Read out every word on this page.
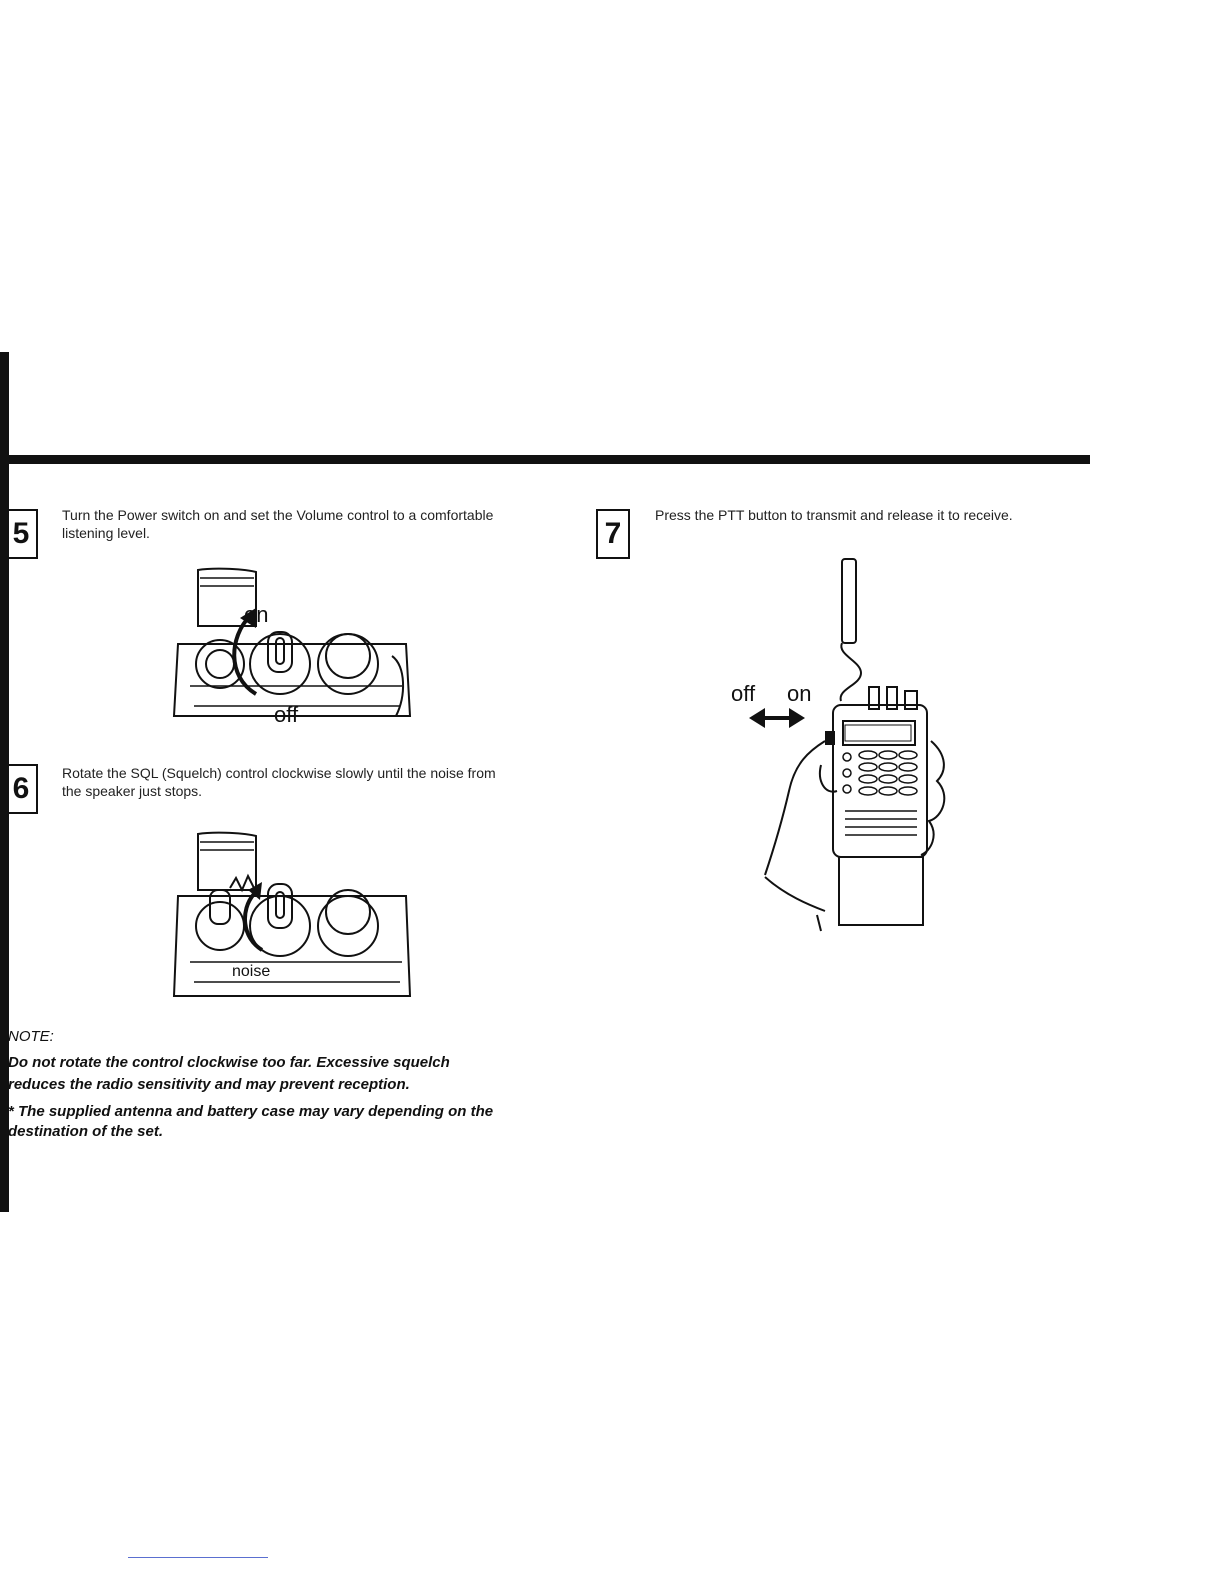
5
Turn the Power switch on and set the Volume control to a comfortable listening level.
on
off
6	Rotate the SQL (Squelch) control clockwise slowly until the noise from the speaker just stops.
noise
NOTE:
Do not rotate the control clockwise too far. Excessive squelch reduces the radio sensitivity and may prevent reception.
* The supplied antenna and battery case may vary depending on the destination of the set.
7
Press the PTT button to transmit and release it to receive.
off on
